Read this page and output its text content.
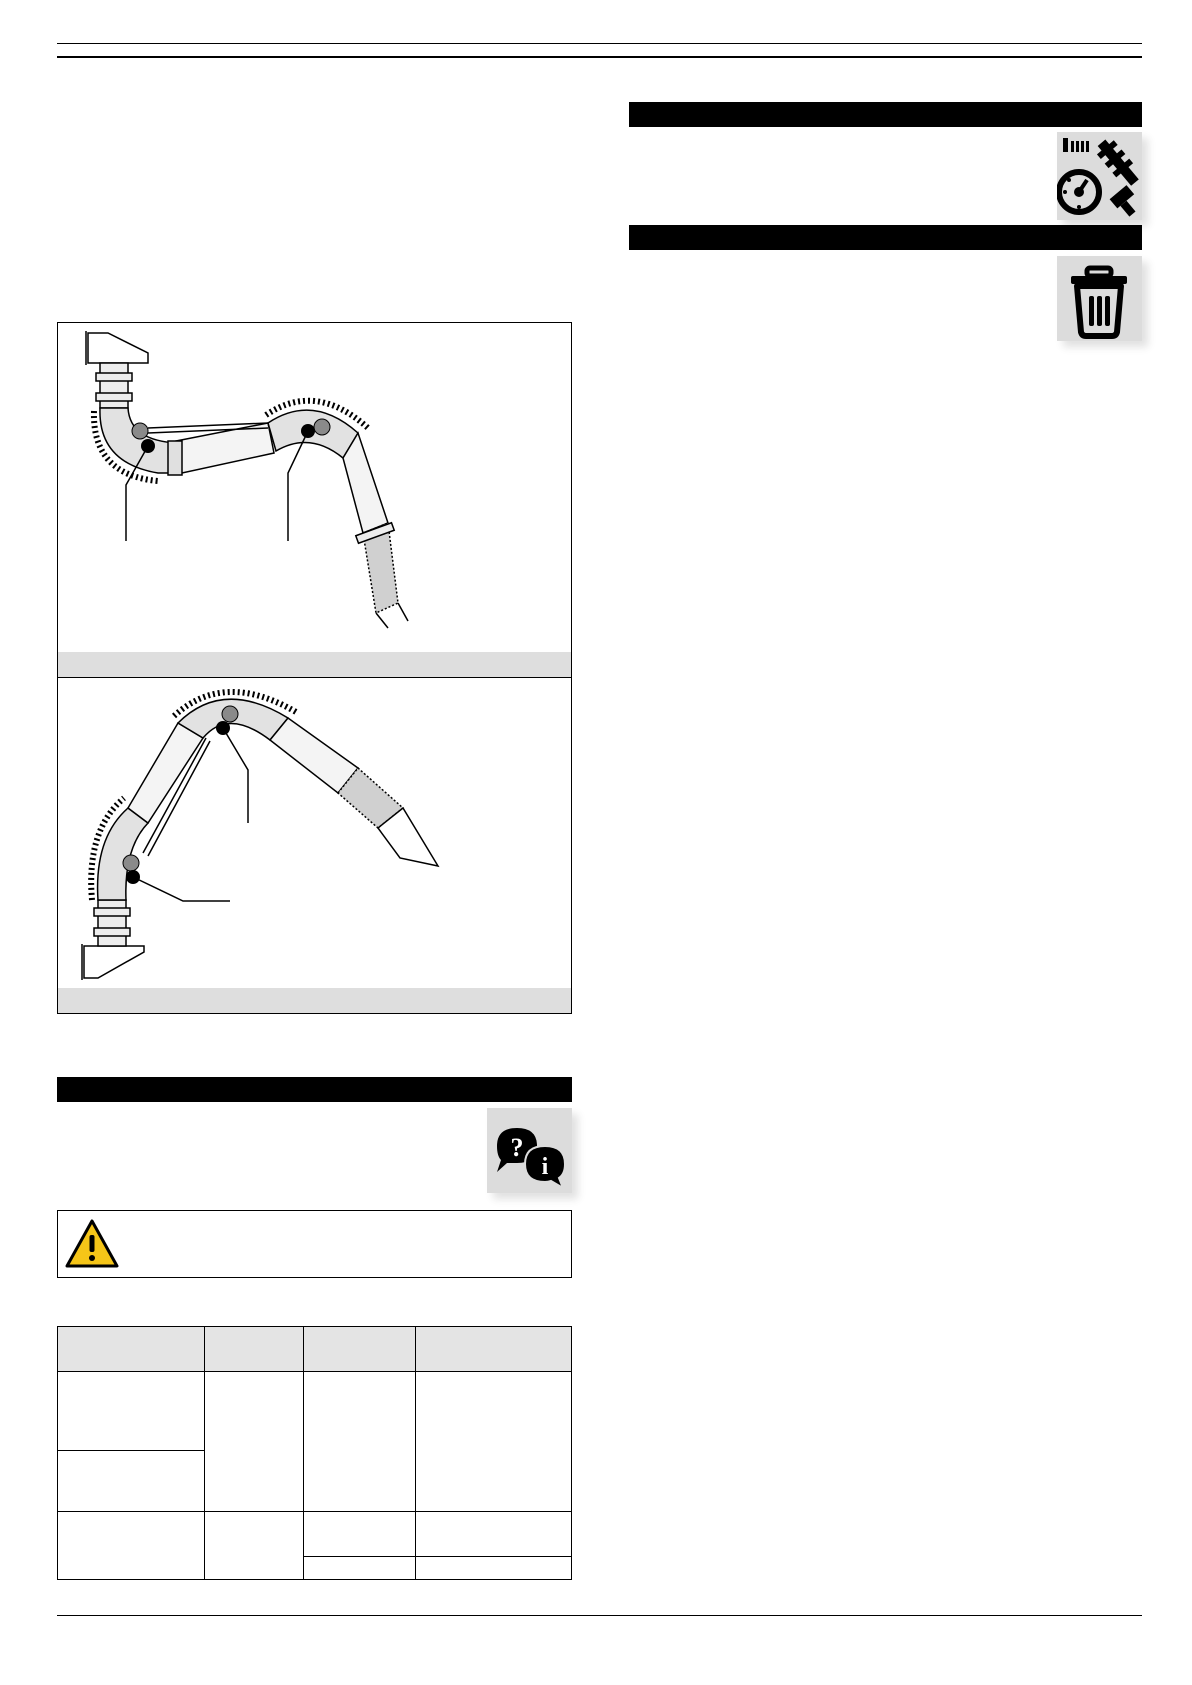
?
i
